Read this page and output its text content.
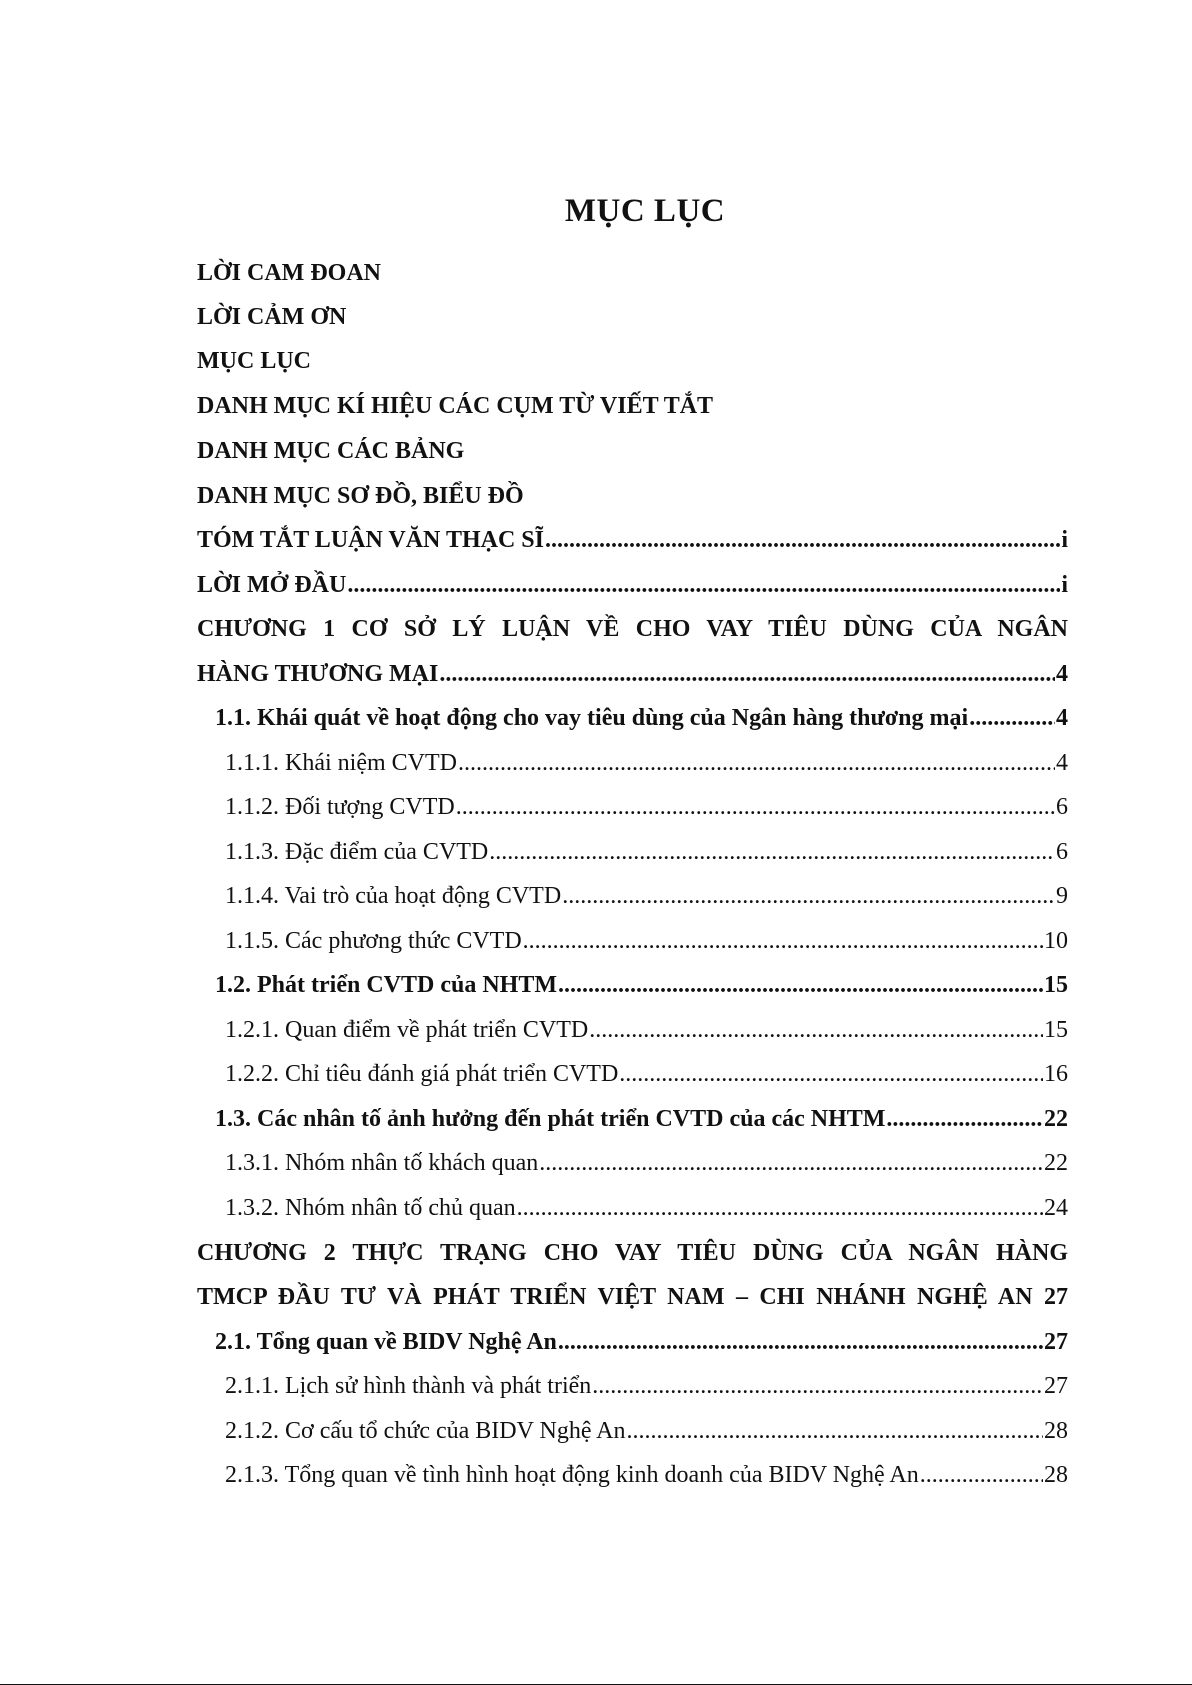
MỤC LỤC
LỜI CAM ĐOAN
LỜI CẢM ƠN
MỤC LỤC
DANH MỤC KÍ HIỆU CÁC CỤM TỪ VIẾT TẮT
DANH MỤC CÁC BẢNG
DANH MỤC SƠ ĐỒ, BIỂU ĐỒ
TÓM TẮT LUẬN VĂN THẠC SĨ .....	i
LỜI MỞ ĐẦU .....	i
CHƯƠNG 1 CƠ SỞ LÝ LUẬN VỀ CHO VAY TIÊU DÙNG CỦA NGÂN
HÀNG THƯƠNG MẠI .....	4
1.1. Khái quát về hoạt động cho vay tiêu dùng của Ngân hàng thương mại .....	4
1.1.1. Khái niệm CVTD .....	4
1.1.2. Đối tượng CVTD .....	6
1.1.3. Đặc điểm của CVTD .....	6
1.1.4. Vai trò của hoạt động CVTD .....	9
1.1.5. Các phương thức CVTD .....	10
1.2. Phát triển CVTD của NHTM .....	15
1.2.1. Quan điểm về phát triển CVTD .....	15
1.2.2. Chỉ tiêu đánh giá phát triển CVTD .....	16
1.3. Các nhân tố ảnh hưởng đến phát triển CVTD của các NHTM .....	22
1.3.1. Nhóm nhân tố khách quan .....	22
1.3.2. Nhóm nhân tố chủ quan .....	24
CHƯƠNG 2 THỰC TRẠNG CHO VAY TIÊU DÙNG CỦA NGÂN HÀNG
TMCP ĐẦU TƯ VÀ PHÁT TRIỂN VIỆT NAM – CHI NHÁNH NGHỆ AN 27
2.1. Tổng quan về BIDV Nghệ An .....	27
2.1.1. Lịch sử hình thành và phát triển .....	27
2.1.2. Cơ cấu tổ chức của BIDV Nghệ An .....	28
2.1.3. Tổng quan về tình hình hoạt động kinh doanh của BIDV Nghệ An .....	28
